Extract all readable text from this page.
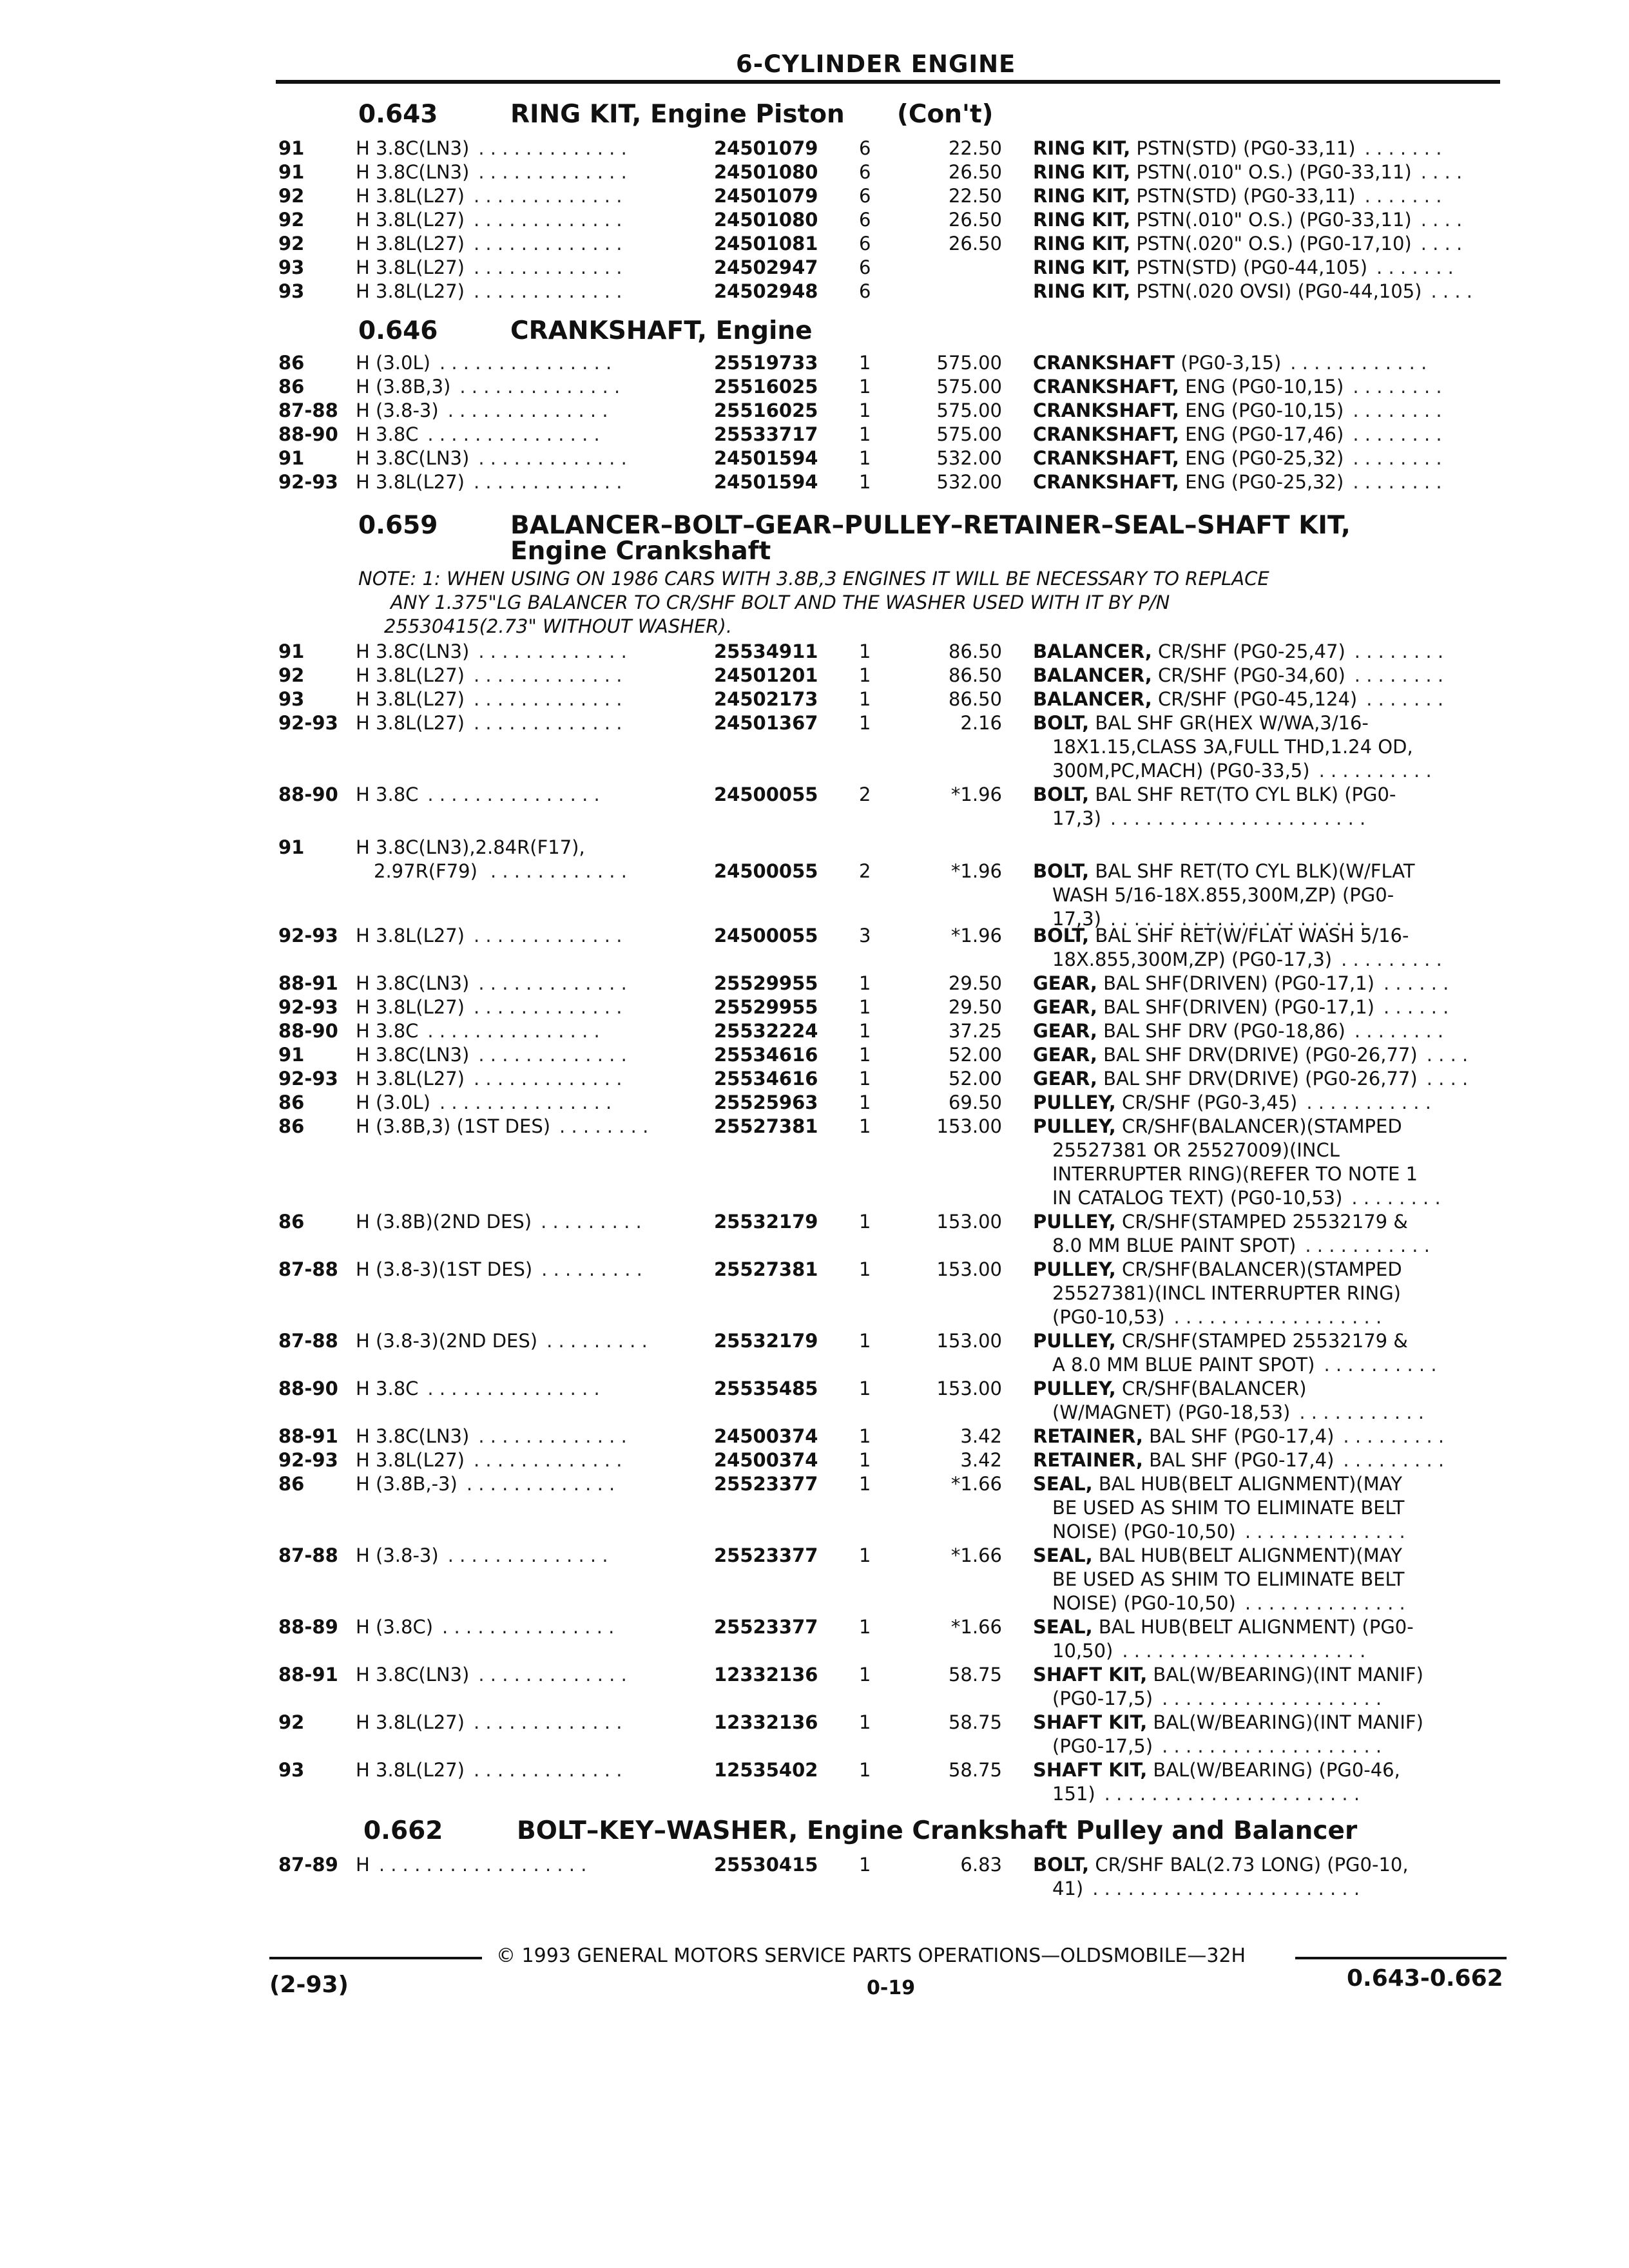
6-CYLINDER ENGINE
0.643	RING KIT, Engine Piston (Con't)
0.646	CRANKSHAFT, Engine
0.659	BALANCER–BOLT–GEAR–PULLEY–RETAINER–SEAL–SHAFT KIT,
Engine Crankshaft
0.662	BOLT–KEY–WASHER, Engine Crankshaft Pulley and Balancer
NOTE: 1: WHEN USING ON 1986 CARS WITH 3.8B,3 ENGINES IT WILL BE NECESSARY TO REPLACE
ANY 1.375"LG BALANCER TO CR/SHF BOLT AND THE WASHER USED WITH IT BY P/N
25530415(2.73" WITHOUT WASHER).
91	H 3.8C(LN3)	24501079 6	22.50 RING KIT, PSTN(STD) (PG0-33,11)
. . . . . . . . . . . . .	. . . . . . .
91	H 3.8C(LN3)	24501080 6	26.50 RING KIT, PSTN(.010" O.S.) (PG0-33,11)
. . . . . . . . . . . . .	. . . .
92	H 3.8L(L27)	24501079 6	22.50 RING KIT, PSTN(STD) (PG0-33,11)
. . . . . . . . . . . . .	. . . . . . .
92	H 3.8L(L27)	24501080 6	26.50 RING KIT, PSTN(.010" O.S.) (PG0-33,11)
. . . . . . . . . . . . .	. . . .
92	H 3.8L(L27)	24501081 6	26.50 RING KIT, PSTN(.020" O.S.) (PG0-17,10)
. . . . . . . . . . . . .	. . . .
93	H 3.8L(L27)	24502947 6	RING KIT, PSTN(STD) (PG0-44,105)
. . . . . . . . . . . . .	. . . . . . .
93	H 3.8L(L27)	24502948 6	RING KIT, PSTN(.020 OVSI) (PG0-44,105)
. . . . . . . . . . . . .	. . . .
86	H (3.0L)	25519733 1	575.00 CRANKSHAFT (PG0-3,15)
. . . . . . . . . . . . . . .	. . . . . . . . . . . .
86	H (3.8B,3)	25516025 1	575.00 CRANKSHAFT, ENG (PG0-10,15)
. . . . . . . . . . . . . .	. . . . . . . .
87-88 H (3.8-3)	25516025 1	575.00 CRANKSHAFT, ENG (PG0-10,15)
. . . . . . . . . . . . . .	. . . . . . . .
88-90 H 3.8C	25533717 1	575.00 CRANKSHAFT, ENG (PG0-17,46)
. . . . . . . . . . . . . . .	. . . . . . . .
91	H 3.8C(LN3)	24501594 1	532.00 CRANKSHAFT, ENG (PG0-25,32)
. . . . . . . . . . . . .	. . . . . . . .
92-93 H 3.8L(L27)	24501594 1	532.00 CRANKSHAFT, ENG (PG0-25,32)
. . . . . . . . . . . . .	. . . . . . . .
91	H 3.8C(LN3)	25534911 1	86.50 BALANCER, CR/SHF (PG0-25,47)
. . . . . . . . . . . . .	. . . . . . . .
92	H 3.8L(L27)	24501201 1	86.50 BALANCER, CR/SHF (PG0-34,60)
. . . . . . . . . . . . .	. . . . . . . .
93	H 3.8L(L27)	24502173 1	86.50 BALANCER, CR/SHF (PG0-45,124)
. . . . . . . . . . . . .	. . . . . . .
92-93 H 3.8L(L27)	24501367 1	2.16 BOLT, BAL SHF GR(HEX W/WA,3/16-
18X1.15,CLASS 3A,FULL THD,1.24 OD,
300M,PC,MACH) (PG0-33,5)
. . . . . . . . . . . . .
. . . . . . . . . .
88-90 H 3.8C	24500055 2	*1.96 BOLT, BAL SHF RET(TO CYL BLK) (PG0-
17,3)
. . . . . . . . . . . . . . .
. . . . . . . . . . . . . . . . . . . . . .
91	H 3.8C(LN3),2.84R(F17),
2.97R(F79)	24500055 2	*1.96 BOLT, BAL SHF RET(TO CYL BLK)(W/FLAT
WASH 5/16-18X.855,300M,ZP) (PG0-
17,3)
. . . . . . . . . . . .
. . . . . . . . . . . . . . . . . . . . . .
92-93 H 3.8L(L27)	24500055 3	*1.96 BOLT, BAL SHF RET(W/FLAT WASH 5/16-
18X.855,300M,ZP) (PG0-17,3)
. . . . . . . . . . . . .
. . . . . . . . .
88-91 H 3.8C(LN3)	25529955 1	29.50 GEAR, BAL SHF(DRIVEN) (PG0-17,1)
. . . . . . . . . . . . .	. . . . . .
92-93 H 3.8L(L27)	25529955 1	29.50 GEAR, BAL SHF(DRIVEN) (PG0-17,1)
. . . . . . . . . . . . .	. . . . . .
88-90 H 3.8C	25532224 1	37.25 GEAR, BAL SHF DRV (PG0-18,86)
. . . . . . . . . . . . . . .	. . . . . . . .
91	H 3.8C(LN3)	25534616 1	52.00 GEAR, BAL SHF DRV(DRIVE) (PG0-26,77)
. . . . . . . . . . . . .	. . . .
92-93 H 3.8L(L27)	25534616 1	52.00 GEAR, BAL SHF DRV(DRIVE) (PG0-26,77)
. . . . . . . . . . . . .	. . . .
86	H (3.0L)	25525963 1	69.50 PULLEY, CR/SHF (PG0-3,45)
. . . . . . . . . . . . . . .	. . . . . . . . . . .
86	H (3.8B,3) (1ST DES)	25527381 1	153.00 PULLEY, CR/SHF(BALANCER)(STAMPED
25527381 OR 25527009)(INCL
INTERRUPTER RING)(REFER TO NOTE 1
IN CATALOG TEXT) (PG0-10,53)
. . . . . . . .
. . . . . . . .
86	H (3.8B)(2ND DES)	25532179 1	153.00 PULLEY, CR/SHF(STAMPED 25532179 &
8.0 MM BLUE PAINT SPOT)
. . . . . . . . .
. . . . . . . . . . .
87-88 H (3.8-3)(1ST DES)	25527381 1	153.00 PULLEY, CR/SHF(BALANCER)(STAMPED
25527381)(INCL INTERRUPTER RING)
(PG0-10,53)
. . . . . . . . .
. . . . . . . . . . . . . . . . . .
87-88 H (3.8-3)(2ND DES)	25532179 1	153.00 PULLEY, CR/SHF(STAMPED 25532179 &
A 8.0 MM BLUE PAINT SPOT)
. . . . . . . . .
. . . . . . . . . .
88-90 H 3.8C	25535485 1	153.00 PULLEY, CR/SHF(BALANCER)
(W/MAGNET) (PG0-18,53)
. . . . . . . . . . . . . . .
. . . . . . . . . . .
88-91 H 3.8C(LN3)	24500374 1	3.42 RETAINER, BAL SHF (PG0-17,4)
. . . . . . . . . . . . .	. . . . . . . . .
92-93 H 3.8L(L27)	24500374 1	3.42 RETAINER, BAL SHF (PG0-17,4)
. . . . . . . . . . . . .	. . . . . . . . .
86	H (3.8B,-3)	25523377 1	*1.66 SEAL, BAL HUB(BELT ALIGNMENT)(MAY
BE USED AS SHIM TO ELIMINATE BELT
NOISE) (PG0-10,50)
. . . . . . . . . . . . .
. . . . . . . . . . . . . .
87-88 H (3.8-3)	25523377 1	*1.66 SEAL, BAL HUB(BELT ALIGNMENT)(MAY
BE USED AS SHIM TO ELIMINATE BELT
NOISE) (PG0-10,50)
. . . . . . . . . . . . . .
. . . . . . . . . . . . . .
88-89 H (3.8C)	25523377 1	*1.66 SEAL, BAL HUB(BELT ALIGNMENT) (PG0-
10,50)
. . . . . . . . . . . . . . .
. . . . . . . . . . . . . . . . . . . . .
88-91 H 3.8C(LN3)	12332136 1	58.75 SHAFT KIT, BAL(W/BEARING)(INT MANIF)
(PG0-17,5)
. . . . . . . . . . . . .
. . . . . . . . . . . . . . . . . . .
92	H 3.8L(L27)	12332136 1	58.75 SHAFT KIT, BAL(W/BEARING)(INT MANIF)
(PG0-17,5)
. . . . . . . . . . . . .
. . . . . . . . . . . . . . . . . . .
93	H 3.8L(L27)	12535402 1	58.75 SHAFT KIT, BAL(W/BEARING) (PG0-46,
151)
. . . . . . . . . . . . .
. . . . . . . . . . . . . . . . . . . . . .
87-89 H	25530415 1	6.83 BOLT, CR/SHF BAL(2.73 LONG) (PG0-10,
41)
. . . . . . . . . . . . . . . . . .
. . . . . . . . . . . . . . . . . . . . . . .
© 1993 GENERAL MOTORS SERVICE PARTS OPERATIONS—OLDSMOBILE—32H
(2-93)	0-19	0.643-0.662
